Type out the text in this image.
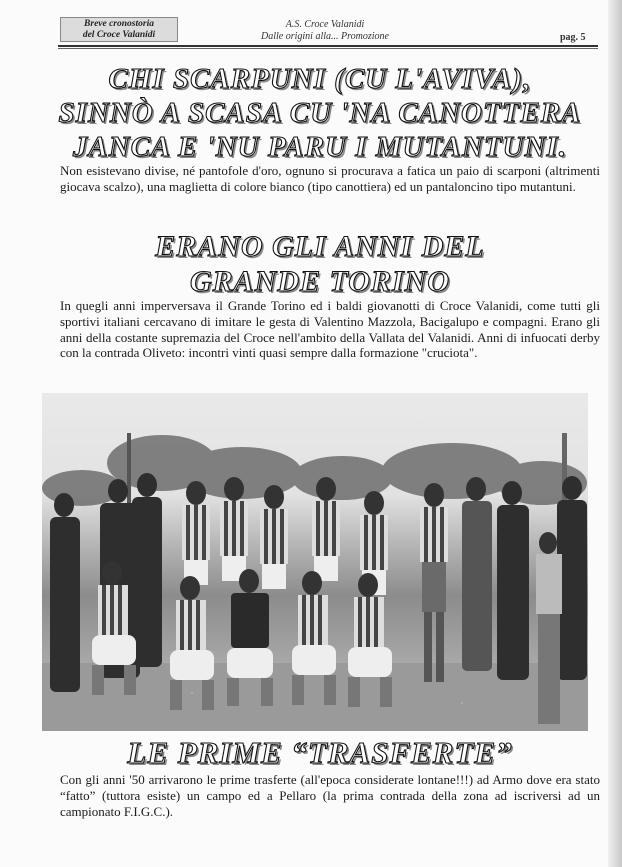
Breve cronostoria
del Croce Valanidi
A.S. Croce Valanidi
Dalle origini alla... Promozione	pag. 5
CHI SCARPUNI (CU L'AVIVA),
SINNÒ A SCASA CU 'NA CANOTTERA
JANCA E 'NU PARU I MUTANTUNI.
Non esistevano divise, né pantofole d'oro, ognuno si procurava a fatica un paio di scarponi (altrimenti giocava scalzo), una maglietta di colore bianco (tipo canottiera) ed un pantaloncino tipo mutantuni.
ERANO GLI ANNI DEL
GRANDE TORINO
In quegli anni imperversava il Grande Torino ed i baldi giovanotti di Croce Valanidi, come tutti gli sportivi italiani cercavano di imitare le gesta di Valentino Mazzola, Bacigalupo e compagni. Erano gli anni della costante supremazia del Croce nell'ambito della Vallata del Valanidi. Anni di infuocati derby con la contrada Oliveto: incontri vinti quasi sempre dalla formazione "cruciota".
LE PRIME “TRASFERTE”
Con gli anni '50 arrivarono le prime trasferte (all'epoca considerate lontane!!!) ad Armo dove era stato “fatto” (tuttora esiste) un campo ed a Pellaro (la prima contrada della zona ad iscriversi ad un campionato F.I.G.C.).
